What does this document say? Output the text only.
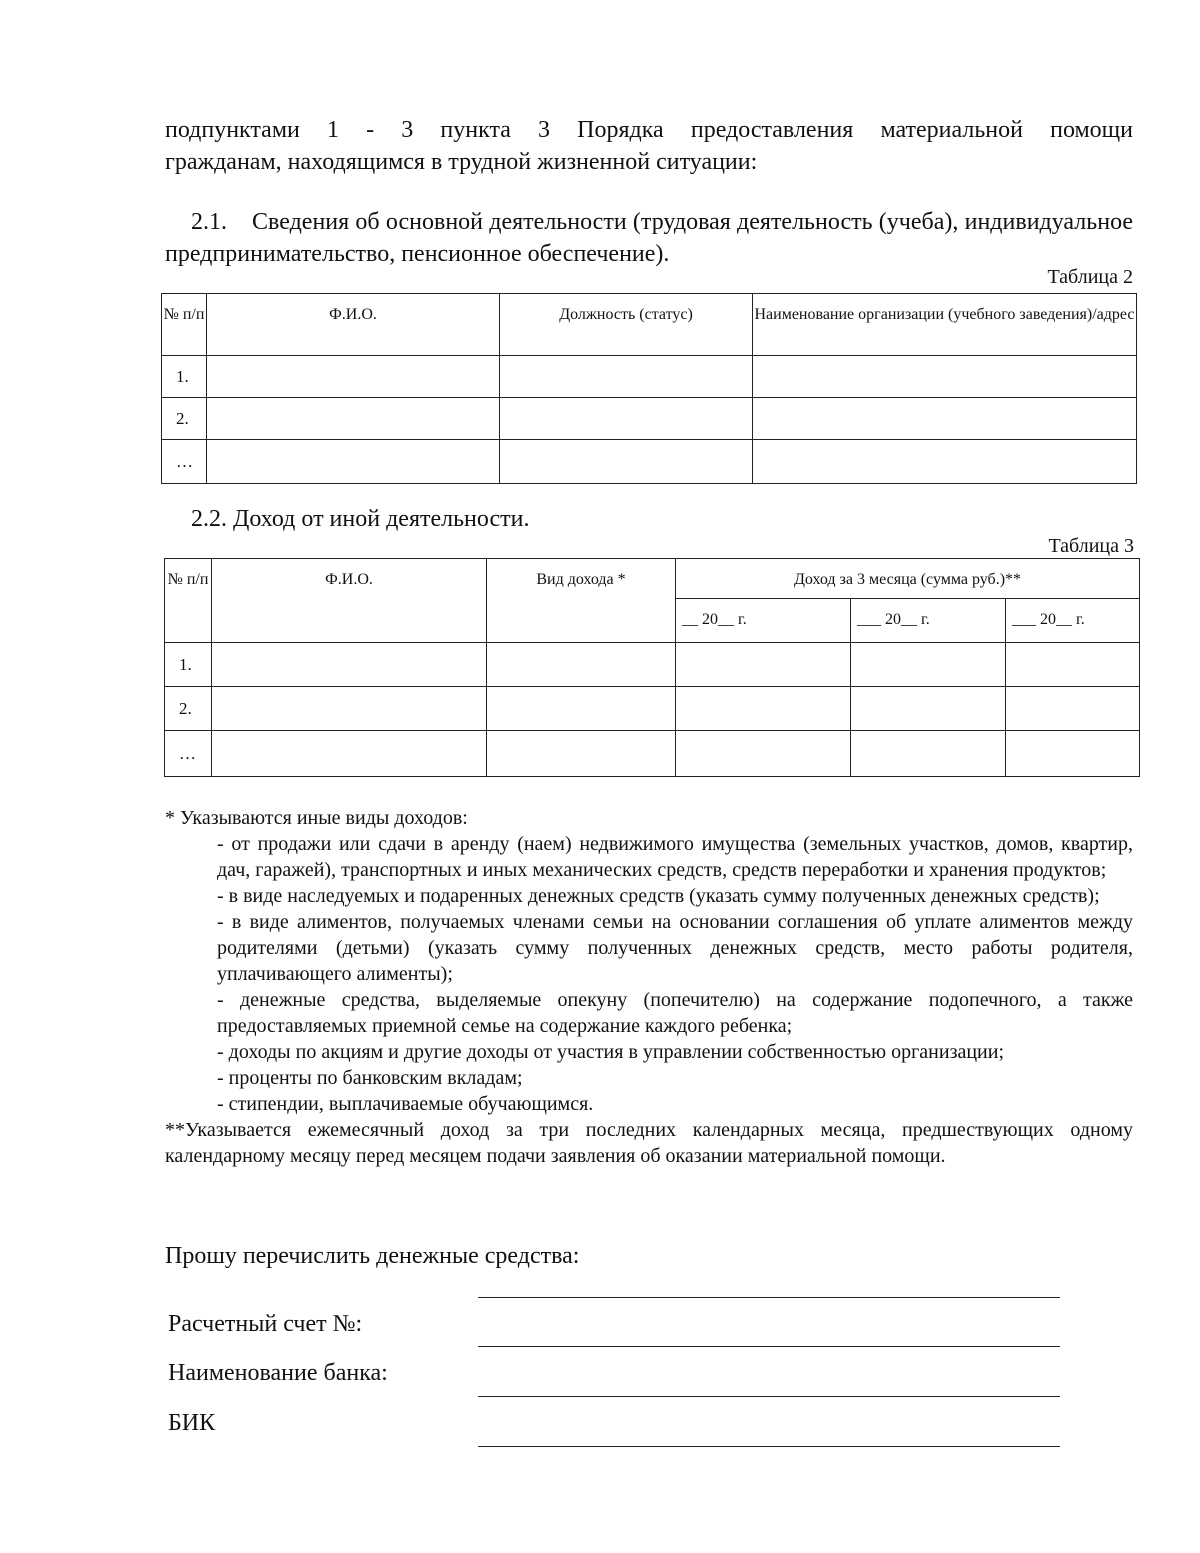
подпунктами 1 - 3 пункта 3 Порядка предоставления материальной помощи
гражданам, находящимся в трудной жизненной ситуации:
2.1. Сведения об основной деятельности (трудовая деятельность (учеба), индивидуальное предпринимательство, пенсионное обеспечение).
Таблица 2
№ п/п	Ф.И.О.	Должность (статус)	Наименование организации (учебного заведения)/адрес
1.			
2.			
…			
2.2. Доход от иной деятельности.
Таблица 3
№ п/п	Ф.И.О.	Вид дохода *	Доход за 3 месяца (сумма руб.)**		
			__ 20__ г.	___ 20__ г.	___ 20__ г.
1.					
2.					
…					
* Указываются иные виды доходов:
- от продажи или сдачи в аренду (наем) недвижимого имущества (земельных участков, домов, квартир, дач, гаражей), транспортных и иных механических средств, средств переработки и хранения продуктов;
- в виде наследуемых и подаренных денежных средств (указать сумму полученных денежных средств);
- в виде алиментов, получаемых членами семьи на основании соглашения об уплате алиментов между родителями (детьми) (указать сумму полученных денежных средств, место работы родителя, уплачивающего алименты);
- денежные средства, выделяемые опекуну (попечителю) на содержание подопечного, а также предоставляемых приемной семье на содержание каждого ребенка;
- доходы по акциям и другие доходы от участия в управлении собственностью организации;
- проценты по банковским вкладам;
- стипендии, выплачиваемые обучающимся.
**Указывается ежемесячный доход за три последних календарных месяца, предшествующих одному календарному месяцу перед месяцем подачи заявления об оказании материальной помощи.
Прошу перечислить денежные средства:
Расчетный счет №:
Наименование банка:
БИК
